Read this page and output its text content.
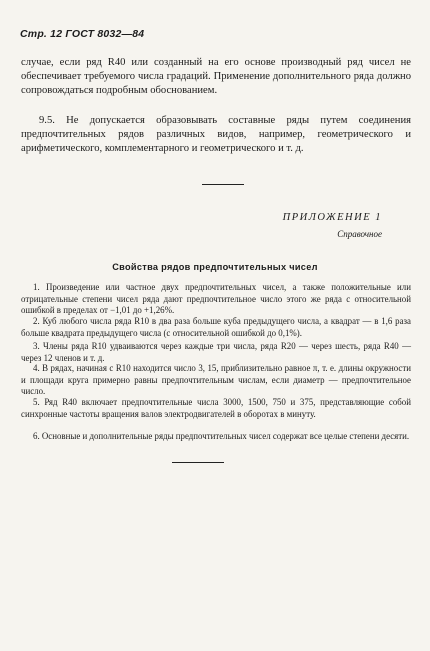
Стр. 12 ГОСТ 8032—84

случае, если ряд R40 или созданный на его основе производный ряд чисел не обеспечивает требуемого числа градаций. Применение дополнительного ряда должно сопровождаться подробным обоснованием.

9.5. Не допускается образовывать составные ряды путем соединения предпочтительных рядов различных видов, например, геометрического и арифметического, комплементарного и геометрического и т. д.

ПРИЛОЖЕНИЕ 1
Справочное
Свойства рядов предпочтительных чисел

1. Произведение или частное двух предпочтительных чисел, а также положительные или отрицательные степени чисел ряда дают предпочтительное число этого же ряда с относительной ошибкой в пределах от −1,01 до +1,26%.

2. Куб любого числа ряда R10 в два раза больше куба предыдущего числа, а квадрат — в 1,6 раза больше квадрата предыдущего числа (с относительной ошибкой до 0,1%).

3. Члены ряда R10 удваиваются через каждые три числа, ряда R20 — через шесть, ряда R40 — через 12 членов и т. д.

4. В рядах, начиная с R10 находится число 3, 15, приблизительно равное π, т. е. длины окружности и площади круга примерно равны предпочтительным числам, если диаметр — предпочтительное число.

5. Ряд R40 включает предпочтительные числа 3000, 1500, 750 и 375, представляющие собой синхронные частоты вращения валов электродвигателей в оборотах в минуту.

6. Основные и дополнительные ряды предпочтительных чисел содержат все целые степени десяти.
